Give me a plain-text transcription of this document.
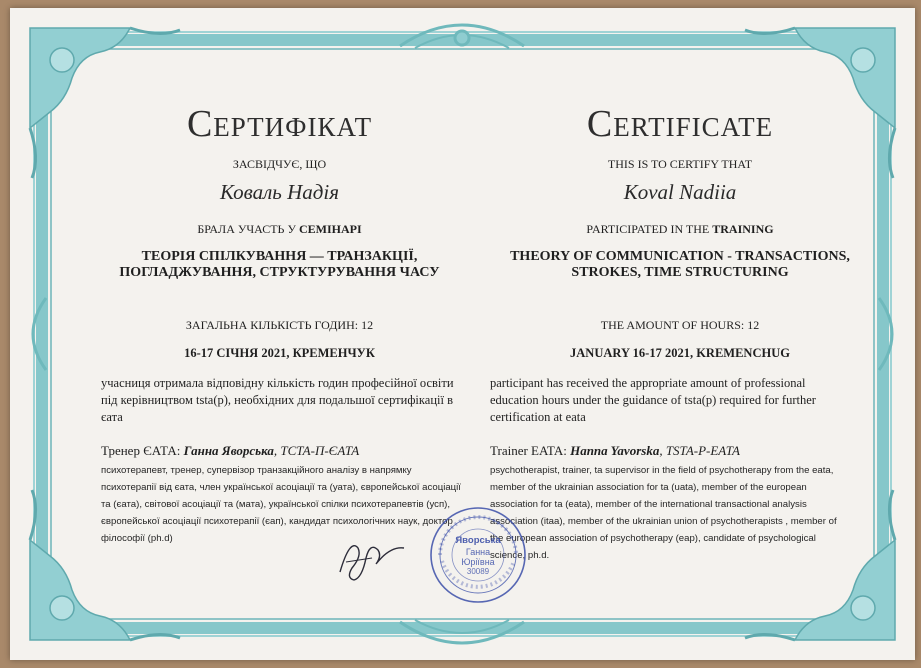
Сертифікат
ЗАСВІДЧУЄ, ЩО
Коваль Надія
БРАЛА УЧАСТЬ У СЕМІНАРІ
ТЕОРІЯ СПІЛКУВАННЯ — ТРАНЗАКЦІЇ, ПОГЛАДЖУВАННЯ, СТРУКТУРУВАННЯ ЧАСУ
ЗАГАЛЬНА КІЛЬКІСТЬ ГОДИН: 12
16-17 СІЧНЯ 2021, КРЕМЕНЧУК
учасниця отримала відповідну кількість годин професійної освіти під керівництвом tsta(p), необхідних для подальшої сертифікації в єата
Тренер ЄАТА: Ганна Яворська, ТСТА-П-ЄАТА
психотерапевт, тренер, супервізор транзакційного аналізу в напрямку психотерапії від єата, член української асоціації та (уата), європейської асоціації та (єата), світової асоціації та (мата), української спілки психотерапевтів (усп), європейської асоціації психотерапії (єап), кандидат психологічних наук, доктор філософії (ph.d)
Certificate
THIS IS TO CERTIFY THAT
Koval Nadiia
PARTICIPATED IN THE TRAINING
THEORY OF COMMUNICATION - TRANSACTIONS, STROKES, TIME STRUCTURING
THE AMOUNT OF HOURS: 12
JANUARY 16-17 2021, KREMENCHUG
participant has received the appropriate amount of professional education hours under the guidance of tsta(p) required for further certification at eata
Trainer EATA: Hanna Yavorska, TSTA-P-EATA
psychotherapist, trainer, ta supervisor in the field of psychotherapy from the eata, member of the ukrainian association for ta (uata), member of the european association for ta (eata), member of the international transactional analysis association (itaa), member of the ukrainian union of psychotherapists , member of the european association of psychotherapy (eap), candidate of psychological science, ph.d.
Яворська
Ганна
Юріївна
30089
